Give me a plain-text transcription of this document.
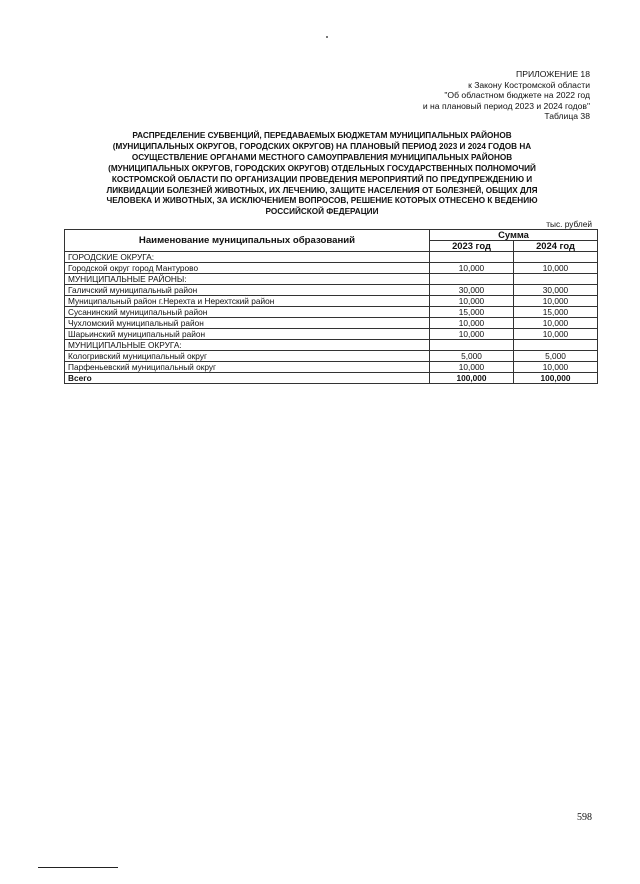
ПРИЛОЖЕНИЕ 18
к Закону Костромской области
"Об областном бюджете на 2022 год
и на плановый период 2023 и 2024 годов"
Таблица 38
РАСПРЕДЕЛЕНИЕ СУБВЕНЦИЙ, ПЕРЕДАВАЕМЫХ БЮДЖЕТАМ МУНИЦИПАЛЬНЫХ РАЙОНОВ
(МУНИЦИПАЛЬНЫХ ОКРУГОВ, ГОРОДСКИХ ОКРУГОВ) НА ПЛАНОВЫЙ ПЕРИОД 2023 И 2024 ГОДОВ НА
ОСУЩЕСТВЛЕНИЕ ОРГАНАМИ МЕСТНОГО САМОУПРАВЛЕНИЯ МУНИЦИПАЛЬНЫХ РАЙОНОВ
(МУНИЦИПАЛЬНЫХ ОКРУГОВ, ГОРОДСКИХ ОКРУГОВ) ОТДЕЛЬНЫХ ГОСУДАРСТВЕННЫХ ПОЛНОМОЧИЙ
КОСТРОМСКОЙ ОБЛАСТИ ПО ОРГАНИЗАЦИИ ПРОВЕДЕНИЯ МЕРОПРИЯТИЙ ПО ПРЕДУПРЕЖДЕНИЮ И
ЛИКВИДАЦИИ БОЛЕЗНЕЙ ЖИВОТНЫХ, ИХ ЛЕЧЕНИЮ, ЗАЩИТЕ НАСЕЛЕНИЯ ОТ БОЛЕЗНЕЙ, ОБЩИХ ДЛЯ
ЧЕЛОВЕКА И ЖИВОТНЫХ, ЗА ИСКЛЮЧЕНИЕМ ВОПРОСОВ, РЕШЕНИЕ КОТОРЫХ ОТНЕСЕНО К ВЕДЕНИЮ
РОССИЙСКОЙ ФЕДЕРАЦИИ
тыс. рублей
Наименование муниципальных образований	Сумма	
	2023 год	2024 год
ГОРОДСКИЕ ОКРУГА:		
Городской округ город Мантурово	10,000	10,000
МУНИЦИПАЛЬНЫЕ РАЙОНЫ:		
Галичский муниципальный район	30,000	30,000
Муниципальный район г.Нерехта и Нерехтский район	10,000	10,000
Сусанинский муниципальный район	15,000	15,000
Чухломский муниципальный район	10,000	10,000
Шарьинский муниципальный район	10,000	10,000
МУНИЦИПАЛЬНЫЕ ОКРУГА:		
Кологривский муниципальный округ	5,000	5,000
Парфеньевский муниципальный округ	10,000	10,000
Всего	100,000	100,000
598
